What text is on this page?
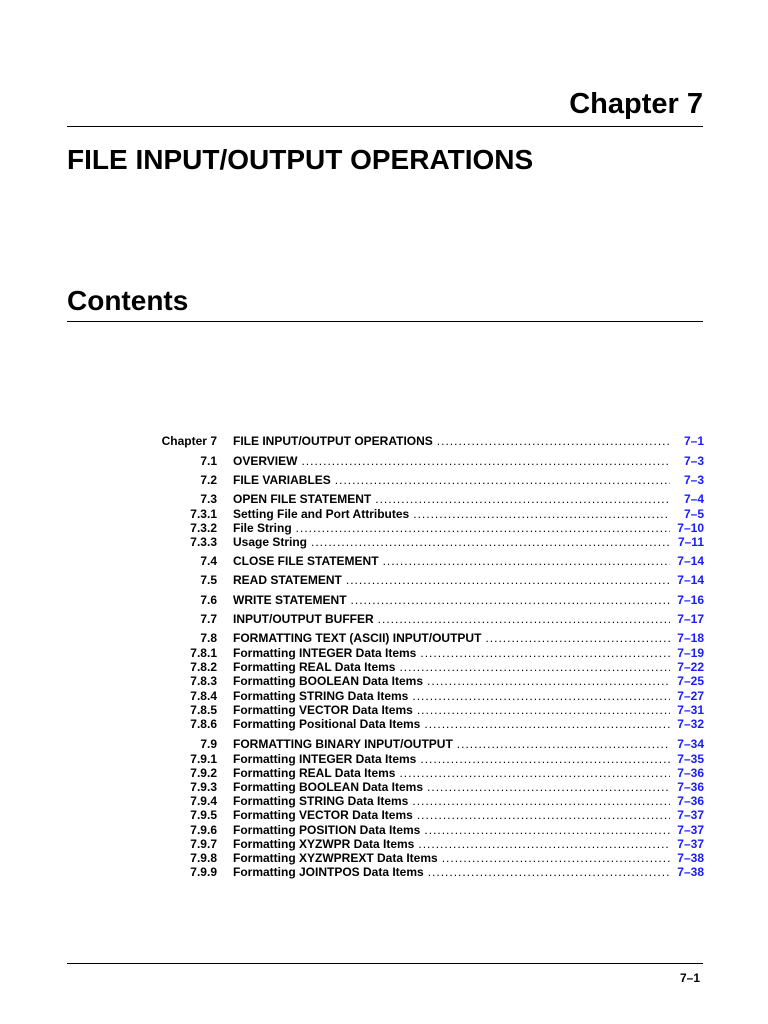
Chapter 7
FILE INPUT/OUTPUT OPERATIONS
Contents
Chapter 7 FILE INPUT/OUTPUT OPERATIONS .....	7–1
7.1 OVERVIEW .....	7–3
7.2 FILE VARIABLES .....	7–3
7.3 OPEN FILE STATEMENT .....	7–4
7.3.1 Setting File and Port Attributes .....	7–5
7.3.2 File String .....	7–10
7.3.3 Usage String .....	7–11
7.4 CLOSE FILE STATEMENT .....	7–14
7.5 READ STATEMENT .....	7–14
7.6 WRITE STATEMENT .....	7–16
7.7 INPUT/OUTPUT BUFFER .....	7–17
7.8 FORMATTING TEXT (ASCII) INPUT/OUTPUT .....	7–18
7.8.1 Formatting INTEGER Data Items .....	7–19
7.8.2 Formatting REAL Data Items .....	7–22
7.8.3 Formatting BOOLEAN Data Items .....	7–25
7.8.4 Formatting STRING Data Items .....	7–27
7.8.5 Formatting VECTOR Data Items .....	7–31
7.8.6 Formatting Positional Data Items .....	7–32
7.9 FORMATTING BINARY INPUT/OUTPUT .....	7–34
7.9.1 Formatting INTEGER Data Items .....	7–35
7.9.2 Formatting REAL Data Items .....	7–36
7.9.3 Formatting BOOLEAN Data Items .....	7–36
7.9.4 Formatting STRING Data Items .....	7–36
7.9.5 Formatting VECTOR Data Items .....	7–37
7.9.6 Formatting POSITION Data Items .....	7–37
7.9.7 Formatting XYZWPR Data Items .....	7–37
7.9.8 Formatting XYZWPREXT Data Items .....	7–38
7.9.9 Formatting JOINTPOS Data Items .....	7–38
7–1
